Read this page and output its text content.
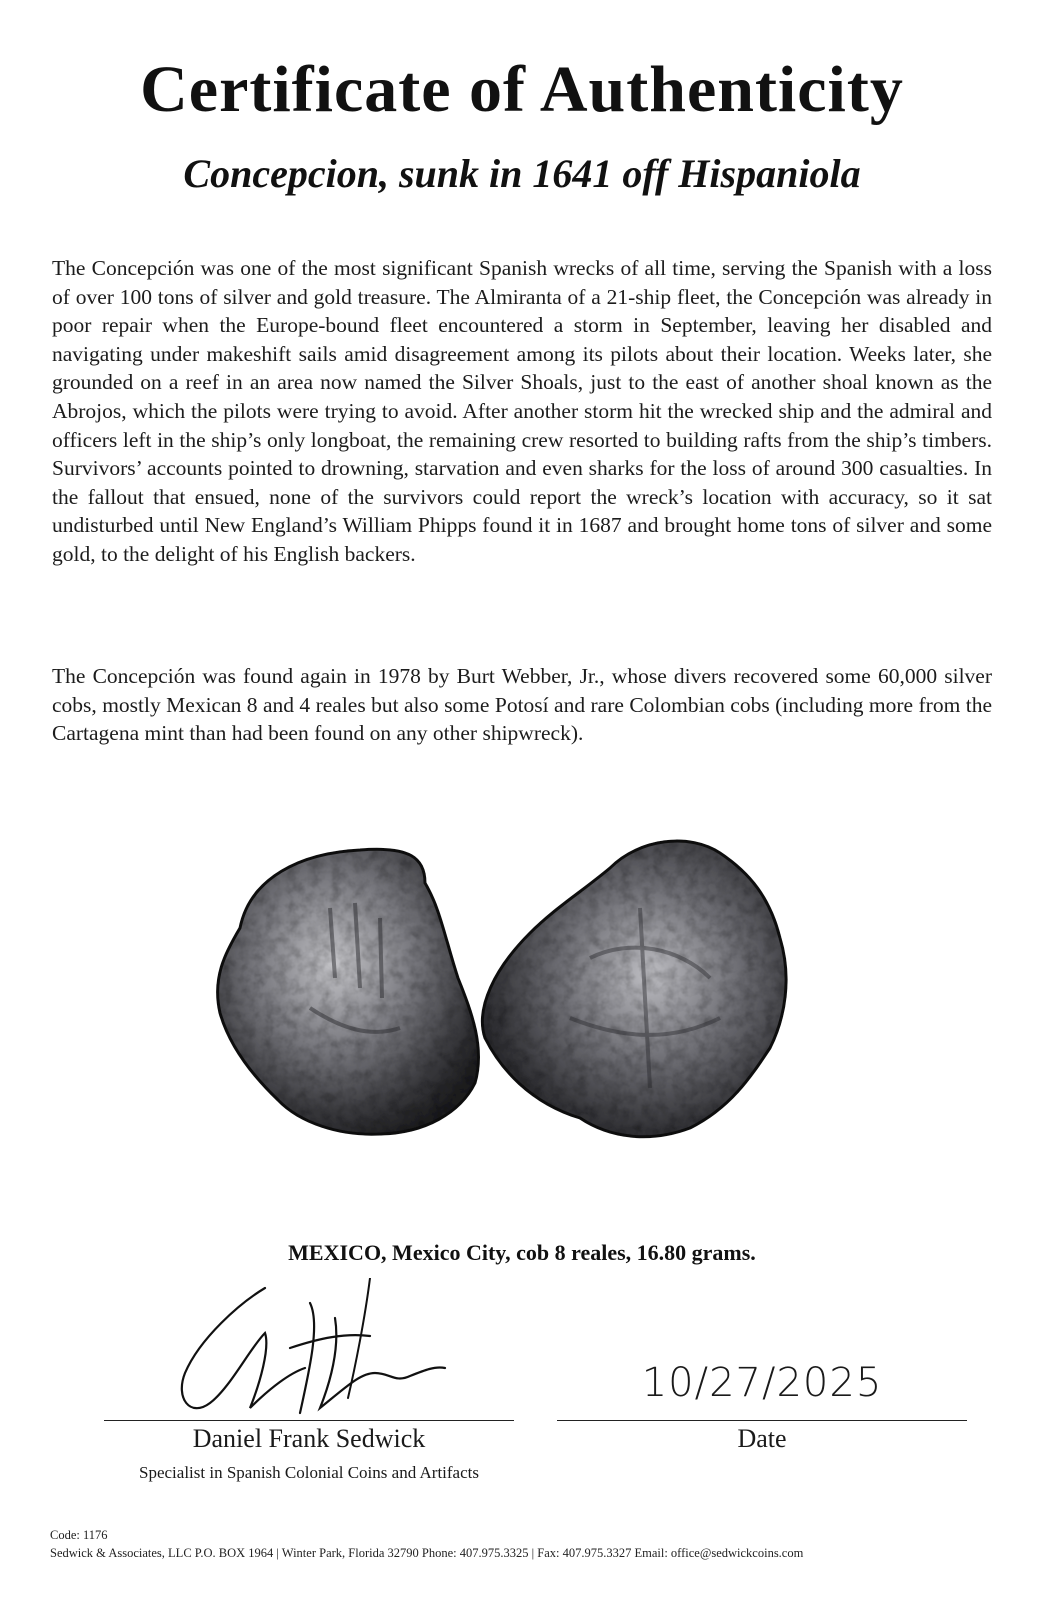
Certificate of Authenticity
Concepcion, sunk in 1641 off Hispaniola
The Concepción was one of the most significant Spanish wrecks of all time, serving the Spanish with a loss of over 100 tons of silver and gold treasure. The Almiranta of a 21-ship fleet, the Concepción was already in poor repair when the Europe-bound fleet encountered a storm in September, leaving her disabled and navigating under makeshift sails amid disagreement among its pilots about their location. Weeks later, she grounded on a reef in an area now named the Silver Shoals, just to the east of another shoal known as the Abrojos, which the pilots were trying to avoid. After another storm hit the wrecked ship and the admiral and officers left in the ship’s only longboat, the remaining crew resorted to building rafts from the ship’s timbers. Survivors’ accounts pointed to drowning, starvation and even sharks for the loss of around 300 casualties. In the fallout that ensued, none of the survivors could report the wreck’s location with accuracy, so it sat undisturbed until New England’s William Phipps found it in 1687 and brought home tons of silver and some gold, to the delight of his English backers.
The Concepción was found again in 1978 by Burt Webber, Jr., whose divers recovered some 60,000 silver cobs, mostly Mexican 8 and 4 reales but also some Potosí and rare Colombian cobs (including more from the Cartagena mint than had been found on any other shipwreck).
MEXICO, Mexico City, cob 8 reales, 16.80 grams.
10/27/2025
Daniel Frank Sedwick
Specialist in Spanish Colonial Coins and Artifacts
Date
Code: 1176
Sedwick & Associates, LLC P.O. BOX 1964 | Winter Park, Florida 32790 Phone: 407.975.3325 | Fax: 407.975.3327 Email: office@sedwickcoins.com
